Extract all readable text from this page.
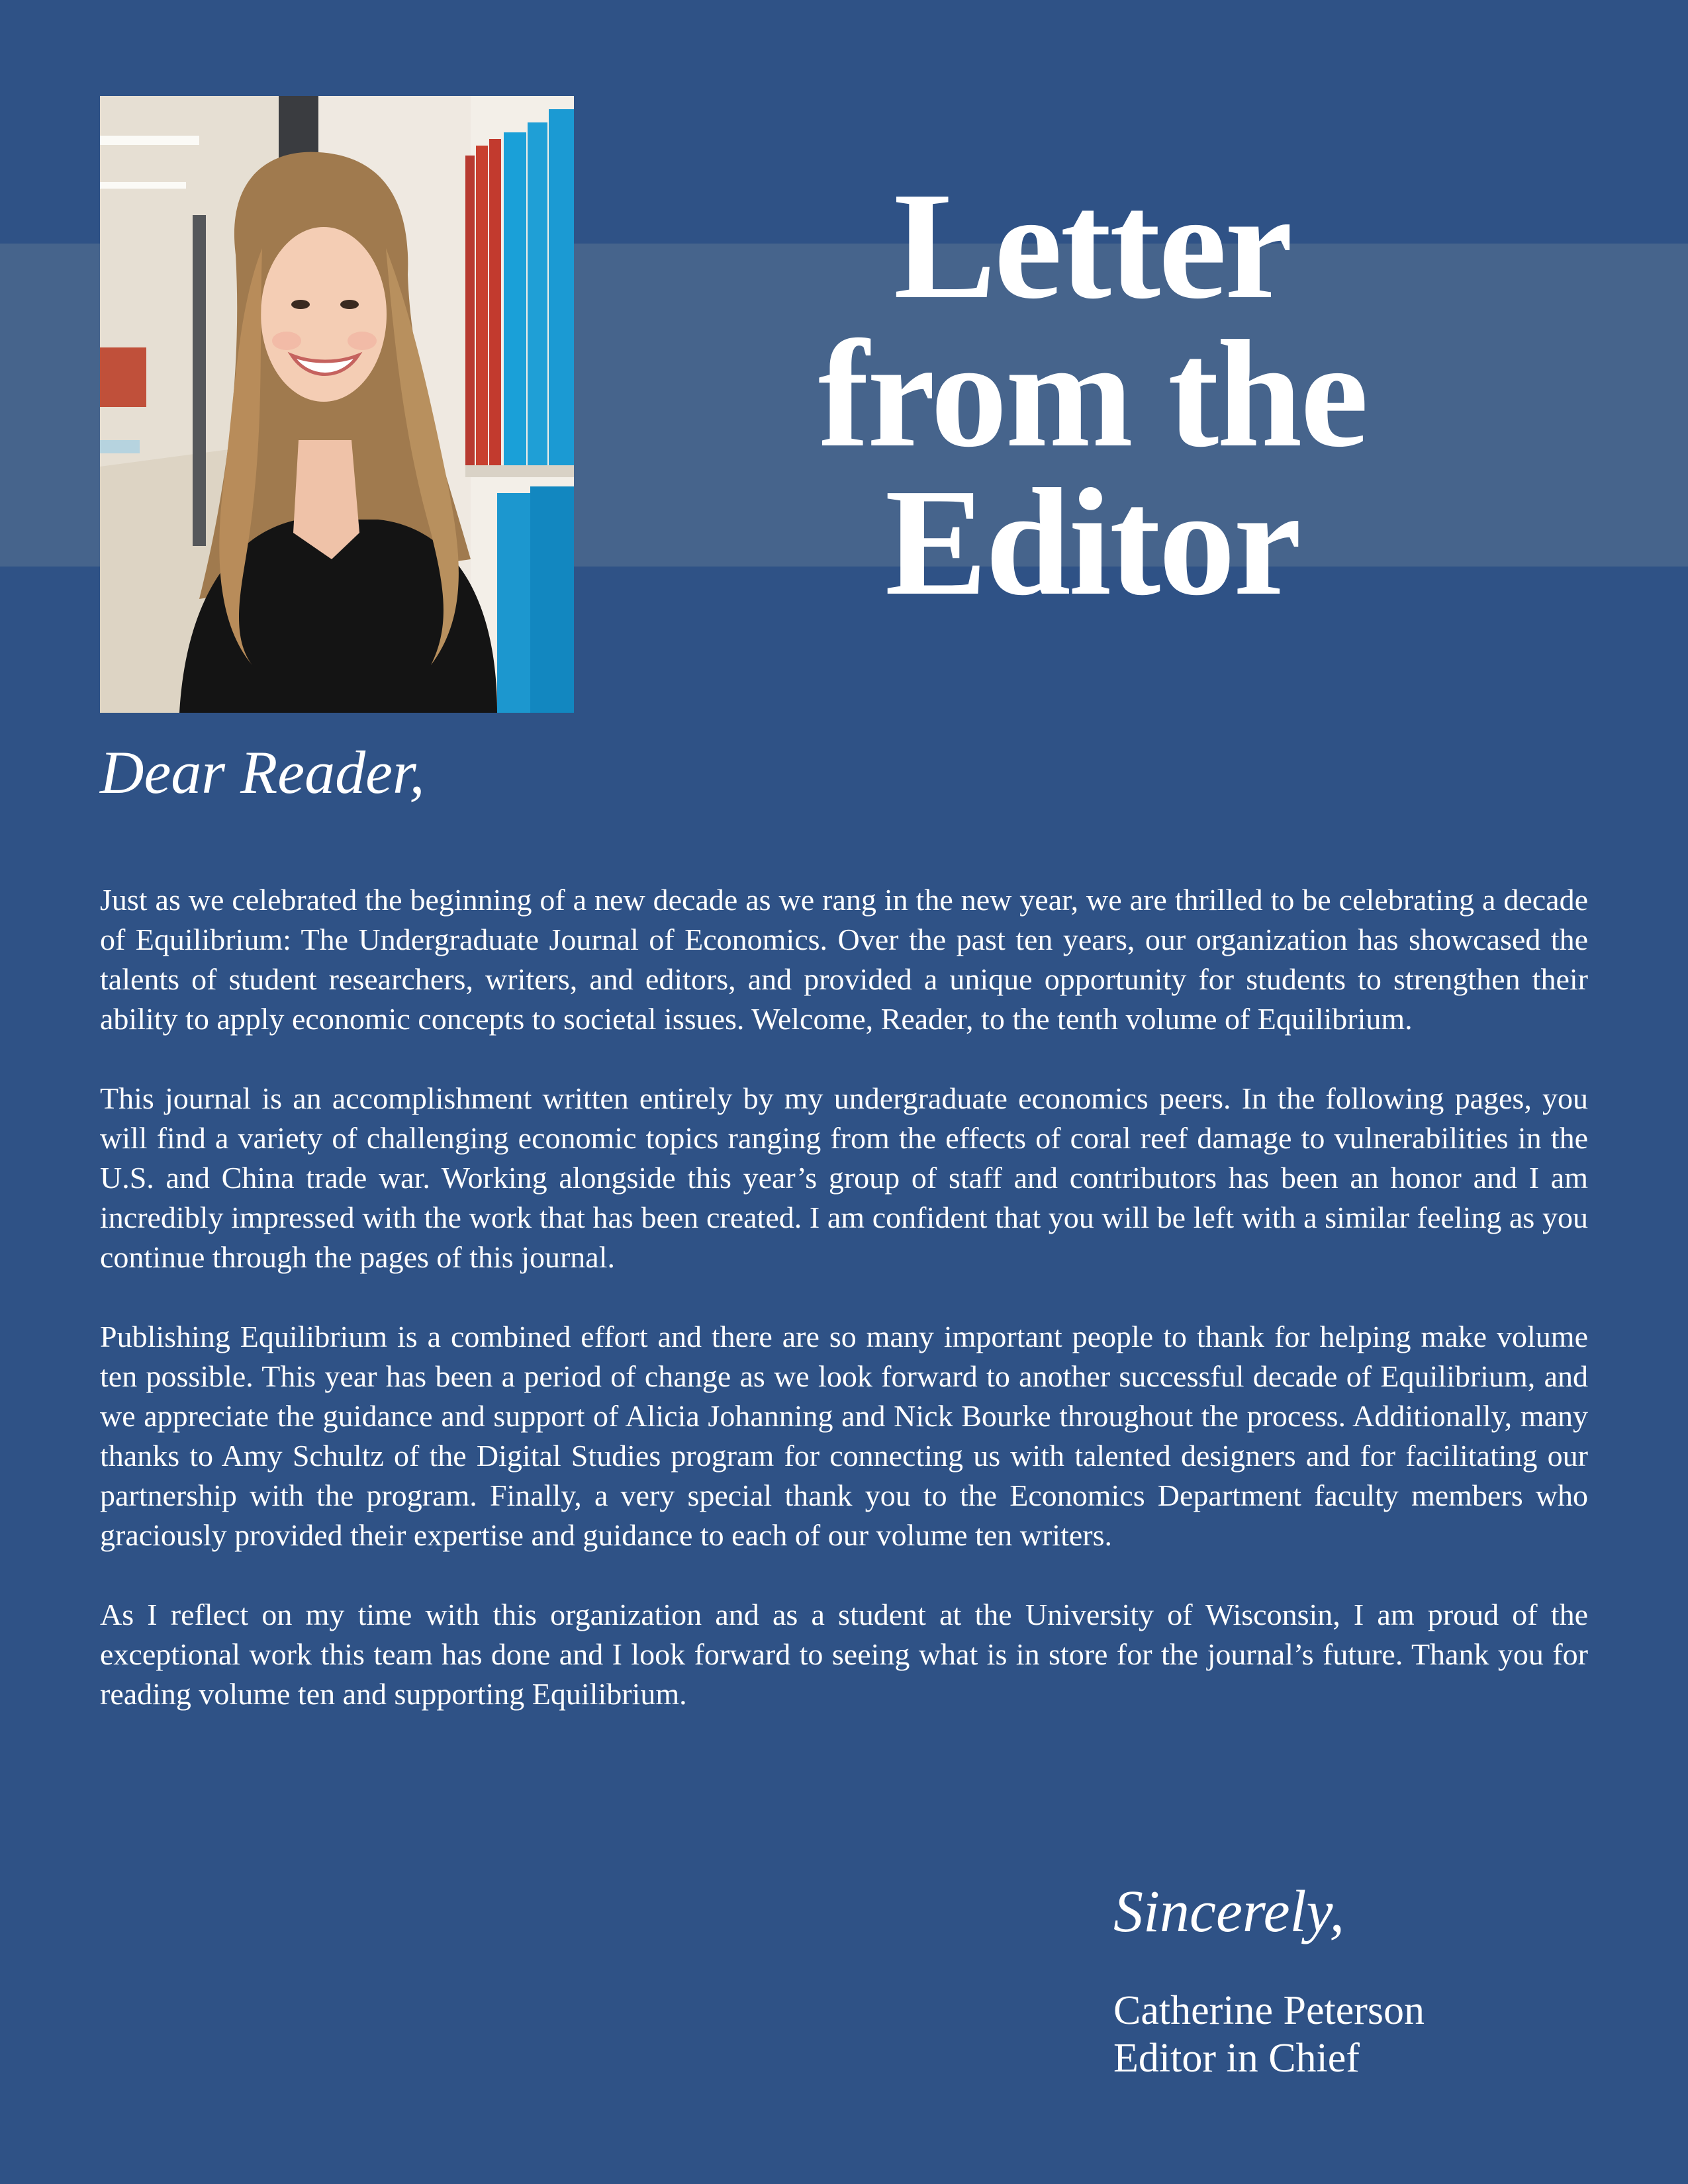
Letter
from the
Editor
Dear Reader,

Just as we celebrated the beginning of a new decade as we rang in the new year, we are thrilled to be celebrating a decade of Equilibrium: The Undergraduate Journal of Economics. Over the past ten years, our organization has showcased the talents of student researchers, writers, and editors, and provided a unique opportunity for students to strengthen their ability to apply economic concepts to societal issues. Welcome, Reader, to the tenth volume of Equilibrium.

This journal is an accomplishment written entirely by my undergraduate economics peers. In the following pages, you will find a variety of challenging economic topics ranging from the effects of coral reef damage to vulnerabilities in the U.S. and China trade war. Working alongside this year’s group of staff and contributors has been an honor and I am incredibly impressed with the work that has been created. I am confident that you will be left with a similar feeling as you continue through the pages of this journal.

Publishing Equilibrium is a combined effort and there are so many important people to thank for helping make volume ten possible. This year has been a period of change as we look forward to another successful decade of Equilibrium, and we appreciate the guidance and support of Alicia Johanning and Nick Bourke throughout the process. Additionally, many thanks to Amy Schultz of the Digital Studies program for connecting us with talented designers and for facilitating our partnership with the program. Finally, a very special thank you to the Economics Department faculty members who graciously provided their expertise and guidance to each of our volume ten writers.

As I reflect on my time with this organization and as a student at the University of Wisconsin, I am proud of the exceptional work this team has done and I look forward to seeing what is in store for the journal’s future. Thank you for reading volume ten and supporting Equilibrium.

Sincerely,

Catherine Peterson
Editor in Chief
